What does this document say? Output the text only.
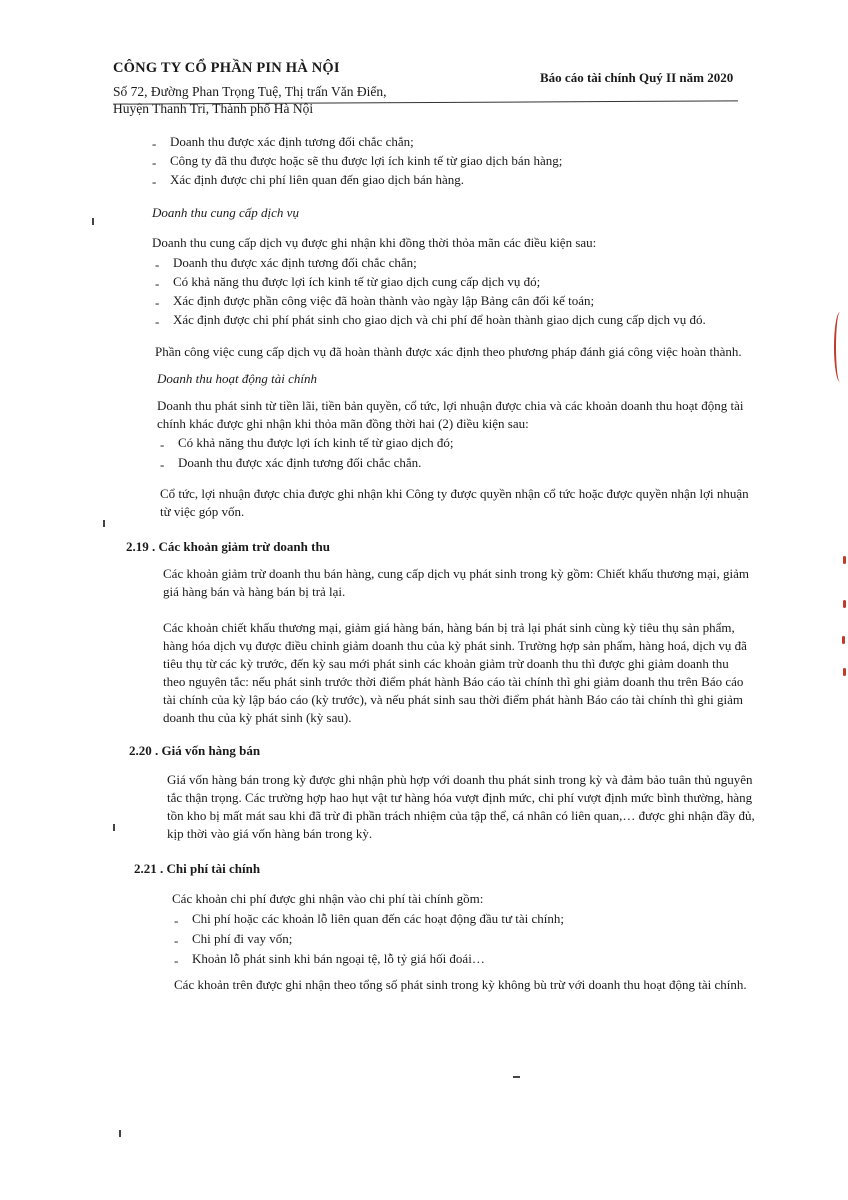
CÔNG TY CỔ PHẦN PIN HÀ NỘI
Số 72, Đường Phan Trọng Tuệ, Thị trấn Văn Điển,
Huyện Thanh Trì, Thành phố Hà Nội
Báo cáo tài chính Quý II năm 2020
- Doanh thu được xác định tương đối chắc chắn;
- Công ty đã thu được hoặc sẽ thu được lợi ích kinh tế từ giao dịch bán hàng;
- Xác định được chi phí liên quan đến giao dịch bán hàng.
Doanh thu cung cấp dịch vụ
Doanh thu cung cấp dịch vụ được ghi nhận khi đồng thời thỏa mãn các điều kiện sau:
- Doanh thu được xác định tương đối chắc chắn;
- Có khả năng thu được lợi ích kinh tế từ giao dịch cung cấp dịch vụ đó;
- Xác định được phần công việc đã hoàn thành vào ngày lập Bảng cân đối kế toán;
- Xác định được chi phí phát sinh cho giao dịch và chi phí để hoàn thành giao dịch cung cấp dịch vụ đó.
Phần công việc cung cấp dịch vụ đã hoàn thành được xác định theo phương pháp đánh giá công việc hoàn thành.
Doanh thu hoạt động tài chính
Doanh thu phát sinh từ tiền lãi, tiền bản quyền, cổ tức, lợi nhuận được chia và các khoản doanh thu hoạt động tài
chính khác được ghi nhận khi thỏa mãn đồng thời hai (2) điều kiện sau:
- Có khả năng thu được lợi ích kinh tế từ giao dịch đó;
- Doanh thu được xác định tương đối chắc chắn.
Cổ tức, lợi nhuận được chia được ghi nhận khi Công ty được quyền nhận cổ tức hoặc được quyền nhận lợi nhuận
từ việc góp vốn.
2.19 . Các khoản giảm trừ doanh thu
Các khoản giảm trừ doanh thu bán hàng, cung cấp dịch vụ phát sinh trong kỳ gồm: Chiết khấu thương mại, giảm
giá hàng bán và hàng bán bị trả lại.
Các khoản chiết khấu thương mại, giảm giá hàng bán, hàng bán bị trả lại phát sinh cùng kỳ tiêu thụ sản phẩm,
hàng hóa dịch vụ được điều chỉnh giảm doanh thu của kỳ phát sinh. Trường hợp sản phẩm, hàng hoá, dịch vụ đã
tiêu thụ từ các kỳ trước, đến kỳ sau mới phát sinh các khoản giảm trừ doanh thu thì được ghi giảm doanh thu
theo nguyên tắc: nếu phát sinh trước thời điểm phát hành Báo cáo tài chính thì ghi giảm doanh thu trên Báo cáo
tài chính của kỳ lập báo cáo (kỳ trước), và nếu phát sinh sau thời điểm phát hành Báo cáo tài chính thì ghi giảm
doanh thu của kỳ phát sinh (kỳ sau).
2.20 . Giá vốn hàng bán
Giá vốn hàng bán trong kỳ được ghi nhận phù hợp với doanh thu phát sinh trong kỳ và đảm bảo tuân thủ nguyên
tắc thận trọng. Các trường hợp hao hụt vật tư hàng hóa vượt định mức, chi phí vượt định mức bình thường, hàng
tồn kho bị mất mát sau khi đã trừ đi phần trách nhiệm của tập thể, cá nhân có liên quan,… được ghi nhận đầy đủ,
kịp thời vào giá vốn hàng bán trong kỳ.
2.21 . Chi phí tài chính
Các khoản chi phí được ghi nhận vào chi phí tài chính gồm:
- Chi phí hoặc các khoản lỗ liên quan đến các hoạt động đầu tư tài chính;
- Chi phí đi vay vốn;
- Khoản lỗ phát sinh khi bán ngoại tệ, lỗ tỷ giá hối đoái…
Các khoản trên được ghi nhận theo tổng số phát sinh trong kỳ không bù trừ với doanh thu hoạt động tài chính.
